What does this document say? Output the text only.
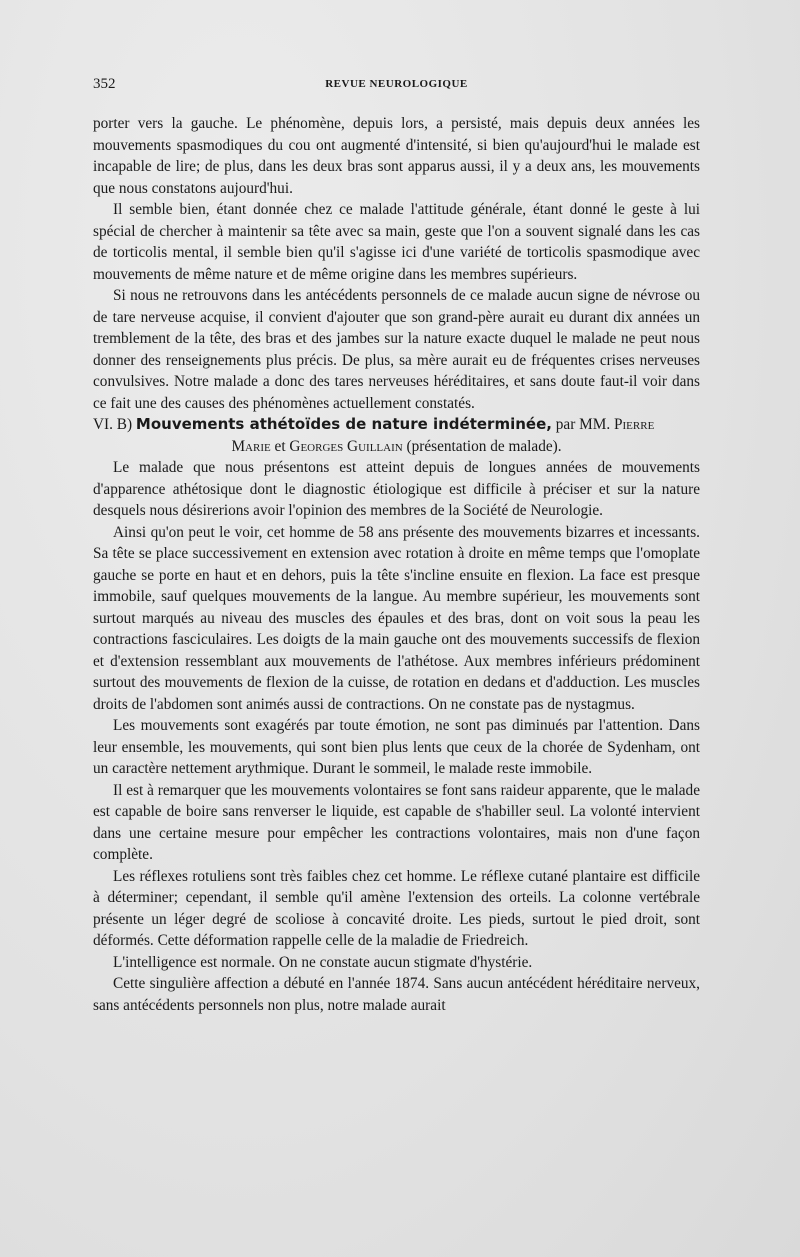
352	REVUE NEUROLOGIQUE

porter vers la gauche. Le phénomène, depuis lors, a persisté, mais depuis deux années les mouvements spasmodiques du cou ont augmenté d'intensité, si bien qu'aujourd'hui le malade est incapable de lire; de plus, dans les deux bras sont apparus aussi, il y a deux ans, les mouvements que nous constatons aujourd'hui.

Il semble bien, étant donnée chez ce malade l'attitude générale, étant donné le geste à lui spécial de chercher à maintenir sa tête avec sa main, geste que l'on a souvent signalé dans les cas de torticolis mental, il semble bien qu'il s'agisse ici d'une variété de torticolis spasmodique avec mouvements de même nature et de même origine dans les membres supérieurs.

Si nous ne retrouvons dans les antécédents personnels de ce malade aucun signe de névrose ou de tare nerveuse acquise, il convient d'ajouter que son grand-père aurait eu durant dix années un tremblement de la tête, des bras et des jambes sur la nature exacte duquel le malade ne peut nous donner des renseignements plus précis. De plus, sa mère aurait eu de fréquentes crises nerveuses convulsives. Notre malade a donc des tares nerveuses héréditaires, et sans doute faut-il voir dans ce fait une des causes des phénomènes actuellement constatés.

VI. B) Mouvements athétoïdes de nature indéterminée, par MM. Pierre
Marie et Georges Guillain (présentation de malade).

Le malade que nous présentons est atteint depuis de longues années de mouvements d'apparence athétosique dont le diagnostic étiologique est difficile à préciser et sur la nature desquels nous désirerions avoir l'opinion des membres de la Société de Neurologie.

Ainsi qu'on peut le voir, cet homme de 58 ans présente des mouvements bizarres et incessants. Sa tête se place successivement en extension avec rotation à droite en même temps que l'omoplate gauche se porte en haut et en dehors, puis la tête s'incline ensuite en flexion. La face est presque immobile, sauf quelques mouvements de la langue. Au membre supérieur, les mouvements sont surtout marqués au niveau des muscles des épaules et des bras, dont on voit sous la peau les contractions fasciculaires. Les doigts de la main gauche ont des mouvements successifs de flexion et d'extension ressemblant aux mouvements de l'athétose. Aux membres inférieurs prédominent surtout des mouvements de flexion de la cuisse, de rotation en dedans et d'adduction. Les muscles droits de l'abdomen sont animés aussi de contractions. On ne constate pas de nystagmus.

Les mouvements sont exagérés par toute émotion, ne sont pas diminués par l'attention. Dans leur ensemble, les mouvements, qui sont bien plus lents que ceux de la chorée de Sydenham, ont un caractère nettement arythmique. Durant le sommeil, le malade reste immobile.

Il est à remarquer que les mouvements volontaires se font sans raideur apparente, que le malade est capable de boire sans renverser le liquide, est capable de s'habiller seul. La volonté intervient dans une certaine mesure pour empêcher les contractions volontaires, mais non d'une façon complète.

Les réflexes rotuliens sont très faibles chez cet homme. Le réflexe cutané plantaire est difficile à déterminer; cependant, il semble qu'il amène l'extension des orteils. La colonne vertébrale présente un léger degré de scoliose à concavité droite. Les pieds, surtout le pied droit, sont déformés. Cette déformation rappelle celle de la maladie de Friedreich.

L'intelligence est normale. On ne constate aucun stigmate d'hystérie.

Cette singulière affection a débuté en l'année 1874. Sans aucun antécédent héréditaire nerveux, sans antécédents personnels non plus, notre malade aurait
